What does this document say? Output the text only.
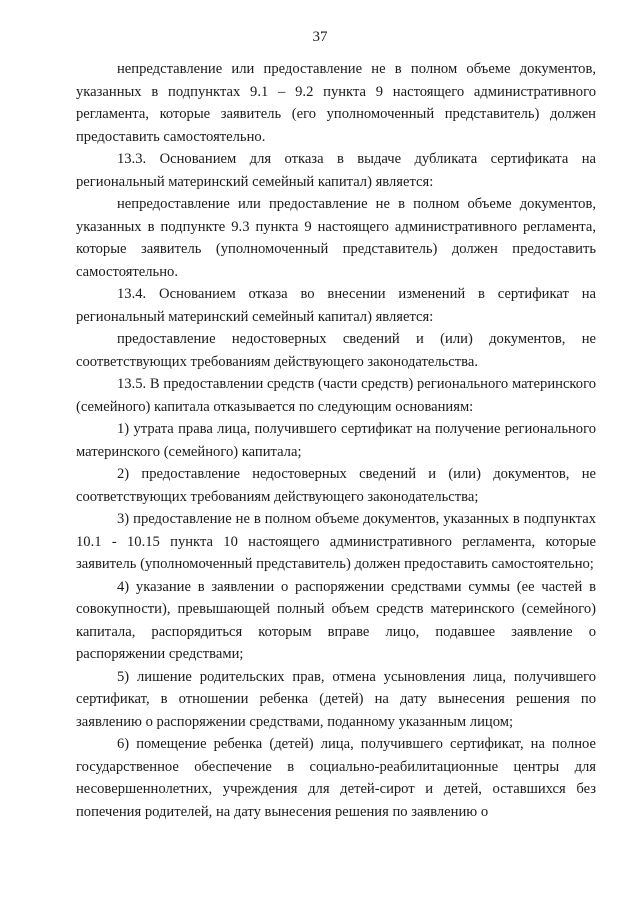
37

непредставление или предоставление не в полном объеме документов, указанных в подпунктах 9.1 – 9.2 пункта 9 настоящего административного регламента, которые заявитель (его уполномоченный представитель) должен предоставить самостоятельно.

13.3. Основанием для отказа в выдаче дубликата сертификата на региональный материнский семейный капитал) является:

непредоставление или предоставление не в полном объеме документов, указанных в подпункте 9.3 пункта 9 настоящего административного регламента, которые заявитель (уполномоченный представитель) должен предоставить самостоятельно.

13.4. Основанием отказа во внесении изменений в сертификат на региональный материнский семейный капитал) является:

предоставление недостоверных сведений и (или) документов, не соответствующих требованиям действующего законодательства.

13.5. В предоставлении средств (части средств) регионального материнского (семейного) капитала отказывается по следующим основаниям:

1) утрата права лица, получившего сертификат на получение регионального материнского (семейного) капитала;

2) предоставление недостоверных сведений и (или) документов, не соответствующих требованиям действующего законодательства;

3) предоставление не в полном объеме документов, указанных в подпунктах 10.1 - 10.15 пункта 10 настоящего административного регламента, которые заявитель (уполномоченный представитель) должен предоставить самостоятельно;

4) указание в заявлении о распоряжении средствами суммы (ее частей в совокупности), превышающей полный объем средств материнского (семейного) капитала, распорядиться которым вправе лицо, подавшее заявление о распоряжении средствами;

5) лишение родительских прав, отмена усыновления лица, получившего сертификат, в отношении ребенка (детей) на дату вынесения решения по заявлению о распоряжении средствами, поданному указанным лицом;

6) помещение ребенка (детей) лица, получившего сертификат, на полное государственное обеспечение в социально-реабилитационные центры для несовершеннолетних, учреждения для детей-сирот и детей, оставшихся без попечения родителей, на дату вынесения решения по заявлению о
